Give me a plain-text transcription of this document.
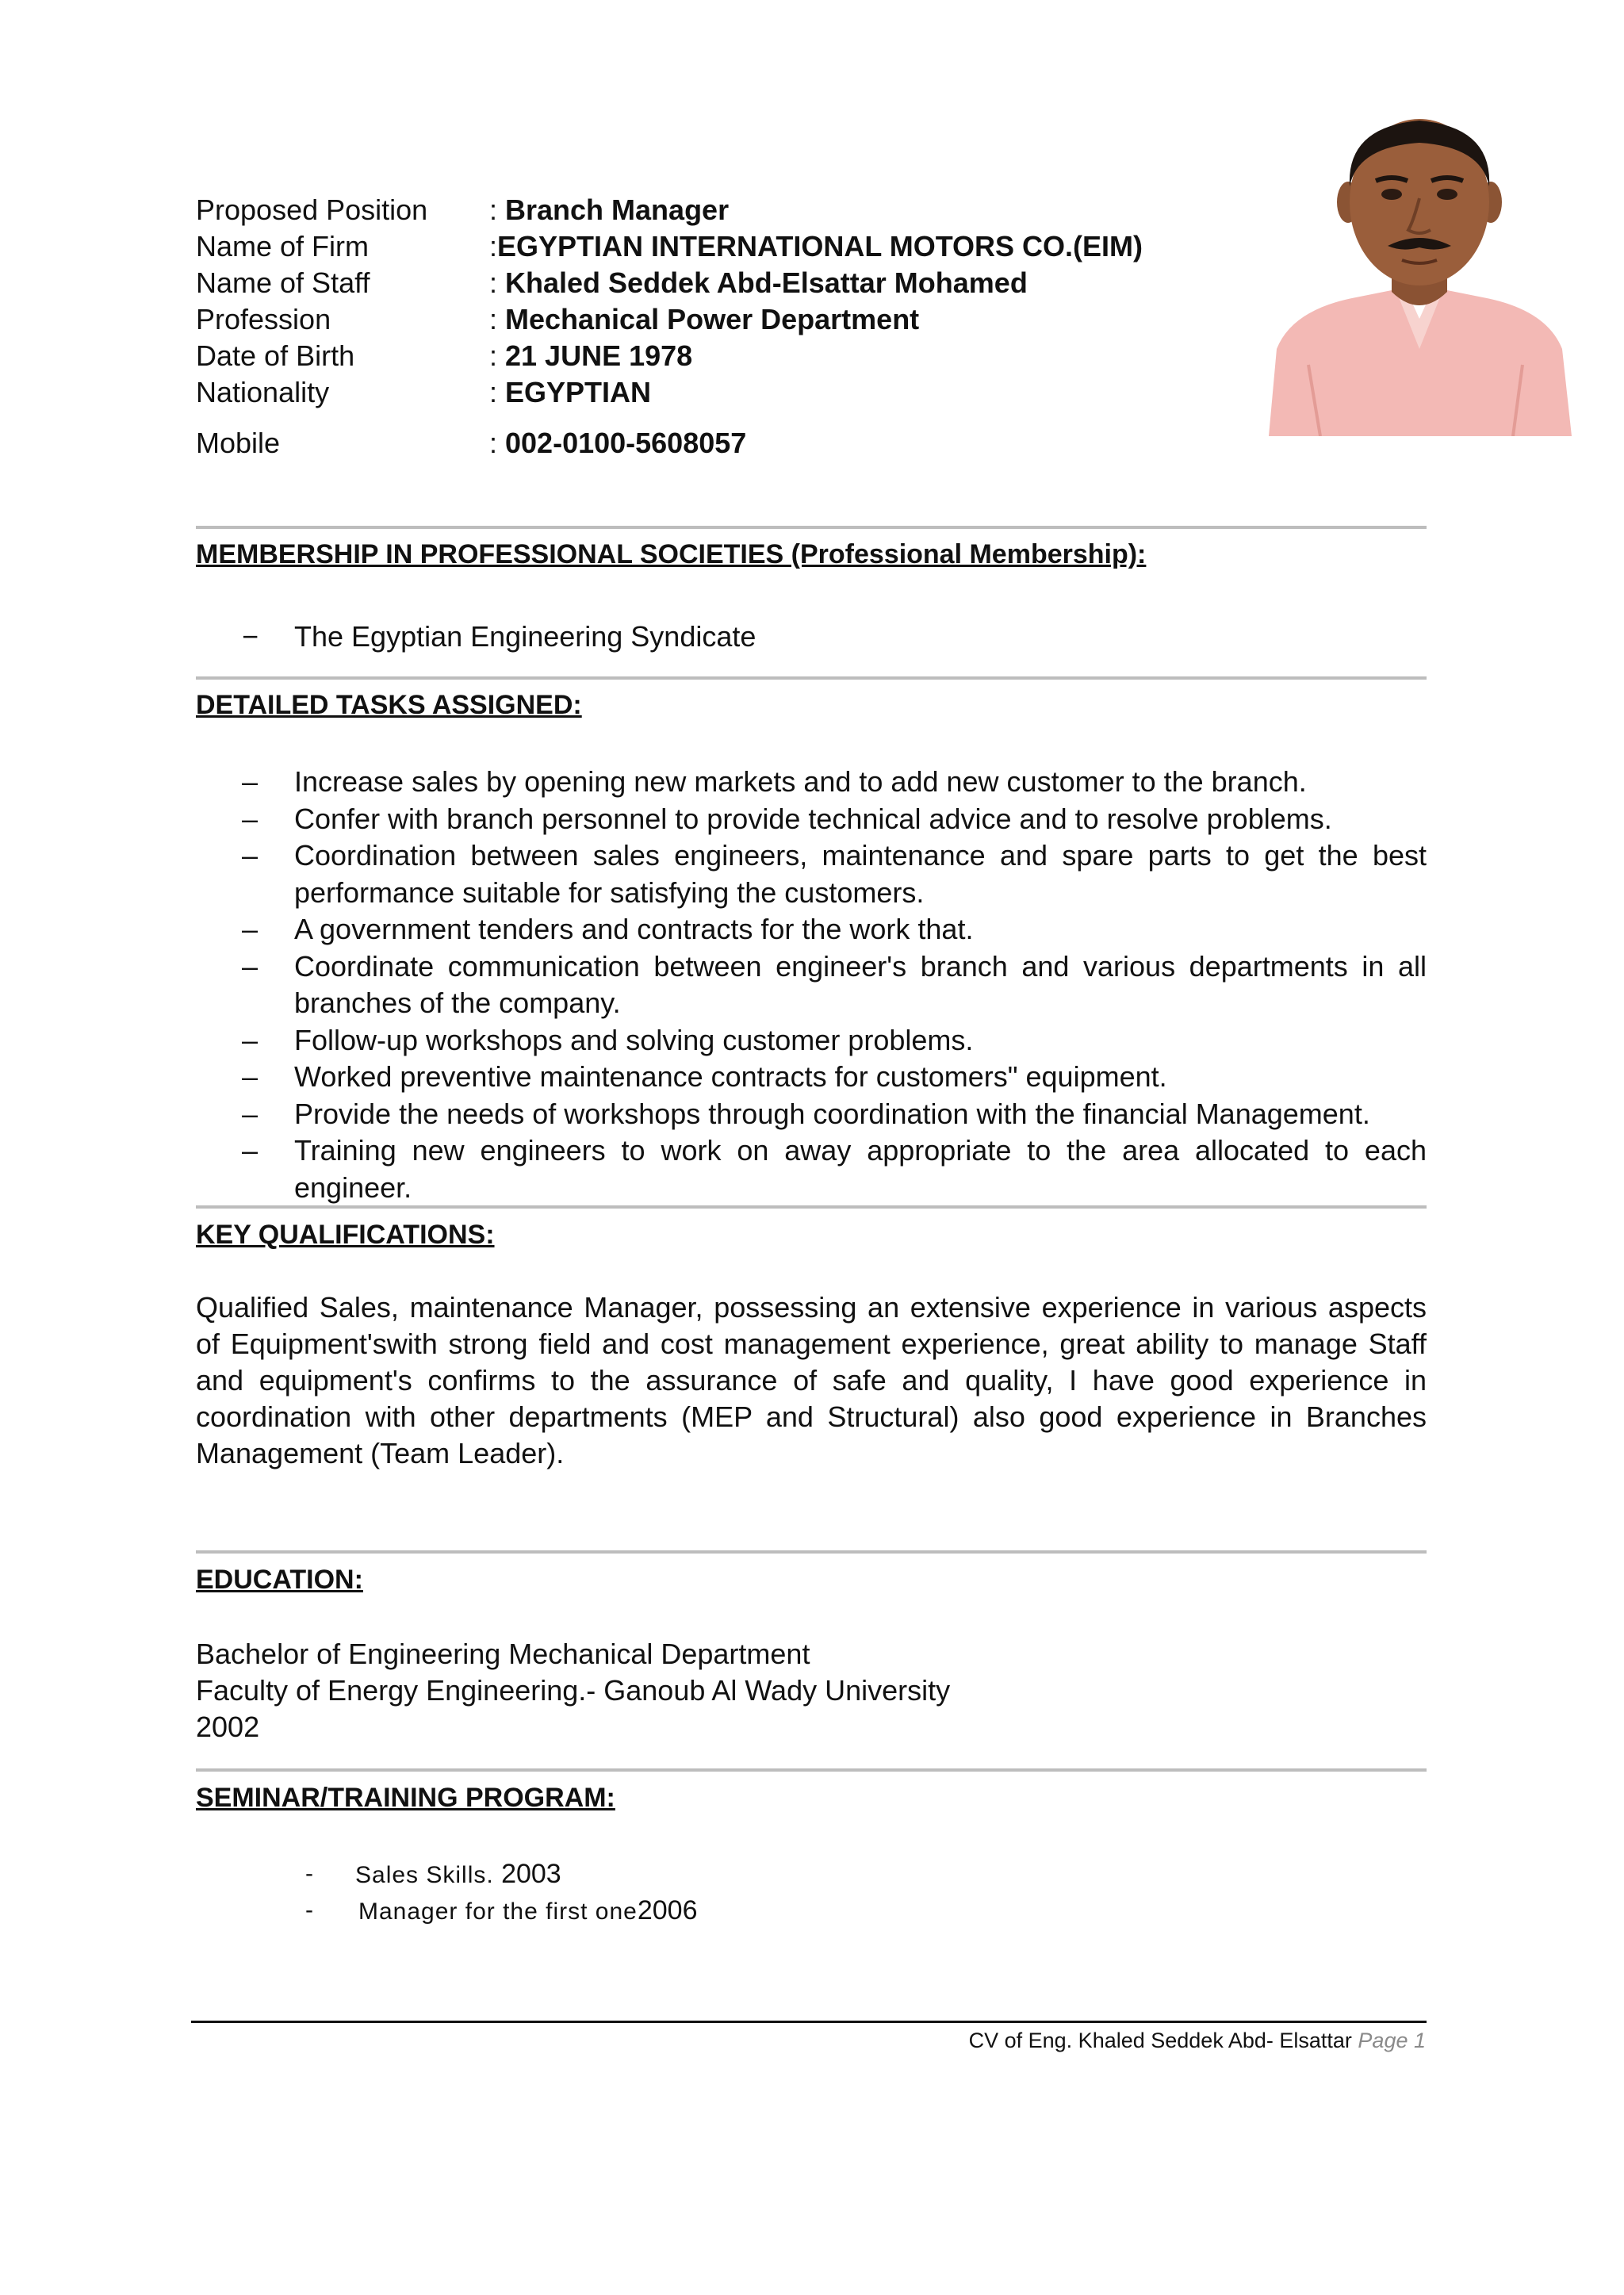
Proposed Position	: Branch Manager
Name of Firm	:EGYPTIAN INTERNATIONAL MOTORS CO.(EIM)
Name of Staff	: Khaled Seddek Abd-Elsattar Mohamed
Profession	: Mechanical Power Department
Date of Birth	: 21 JUNE 1978
Nationality	: EGYPTIAN
Mobile	: 002-0100-5608057
MEMBERSHIP IN PROFESSIONAL SOCIETIES (Professional Membership):
− The Egyptian Engineering Syndicate
DETAILED TASKS ASSIGNED:
– Increase sales by opening new markets and to add new customer to the branch.
– Confer with branch personnel to provide technical advice and to resolve problems.
– Coordination between sales engineers, maintenance and spare parts to get the best performance suitable for satisfying the customers.
– A government tenders and contracts for the work that.
– Coordinate communication between engineer's branch and various departments in all branches of the company.
– Follow-up workshops and solving customer problems.
– Worked preventive maintenance contracts for customers" equipment.
– Provide the needs of workshops through coordination with the financial Management.
– Training new engineers to work on away appropriate to the area allocated to each engineer.
KEY QUALIFICATIONS:
Qualified Sales, maintenance Manager, possessing an extensive experience in various aspects of Equipment'swith strong field and cost management experience, great ability to manage Staff and equipment's confirms to the assurance of safe and quality, I have good experience in coordination with other departments (MEP and Structural) also good experience in Branches Management (Team Leader).
EDUCATION:
Bachelor of Engineering Mechanical Department
Faculty of Energy Engineering.- Ganoub Al Wady University
2002
SEMINAR/TRAINING PROGRAM:
- Sales Skills. 2003
- Manager for the first one2006
CV of Eng. Khaled Seddek Abd- Elsattar Page 1
